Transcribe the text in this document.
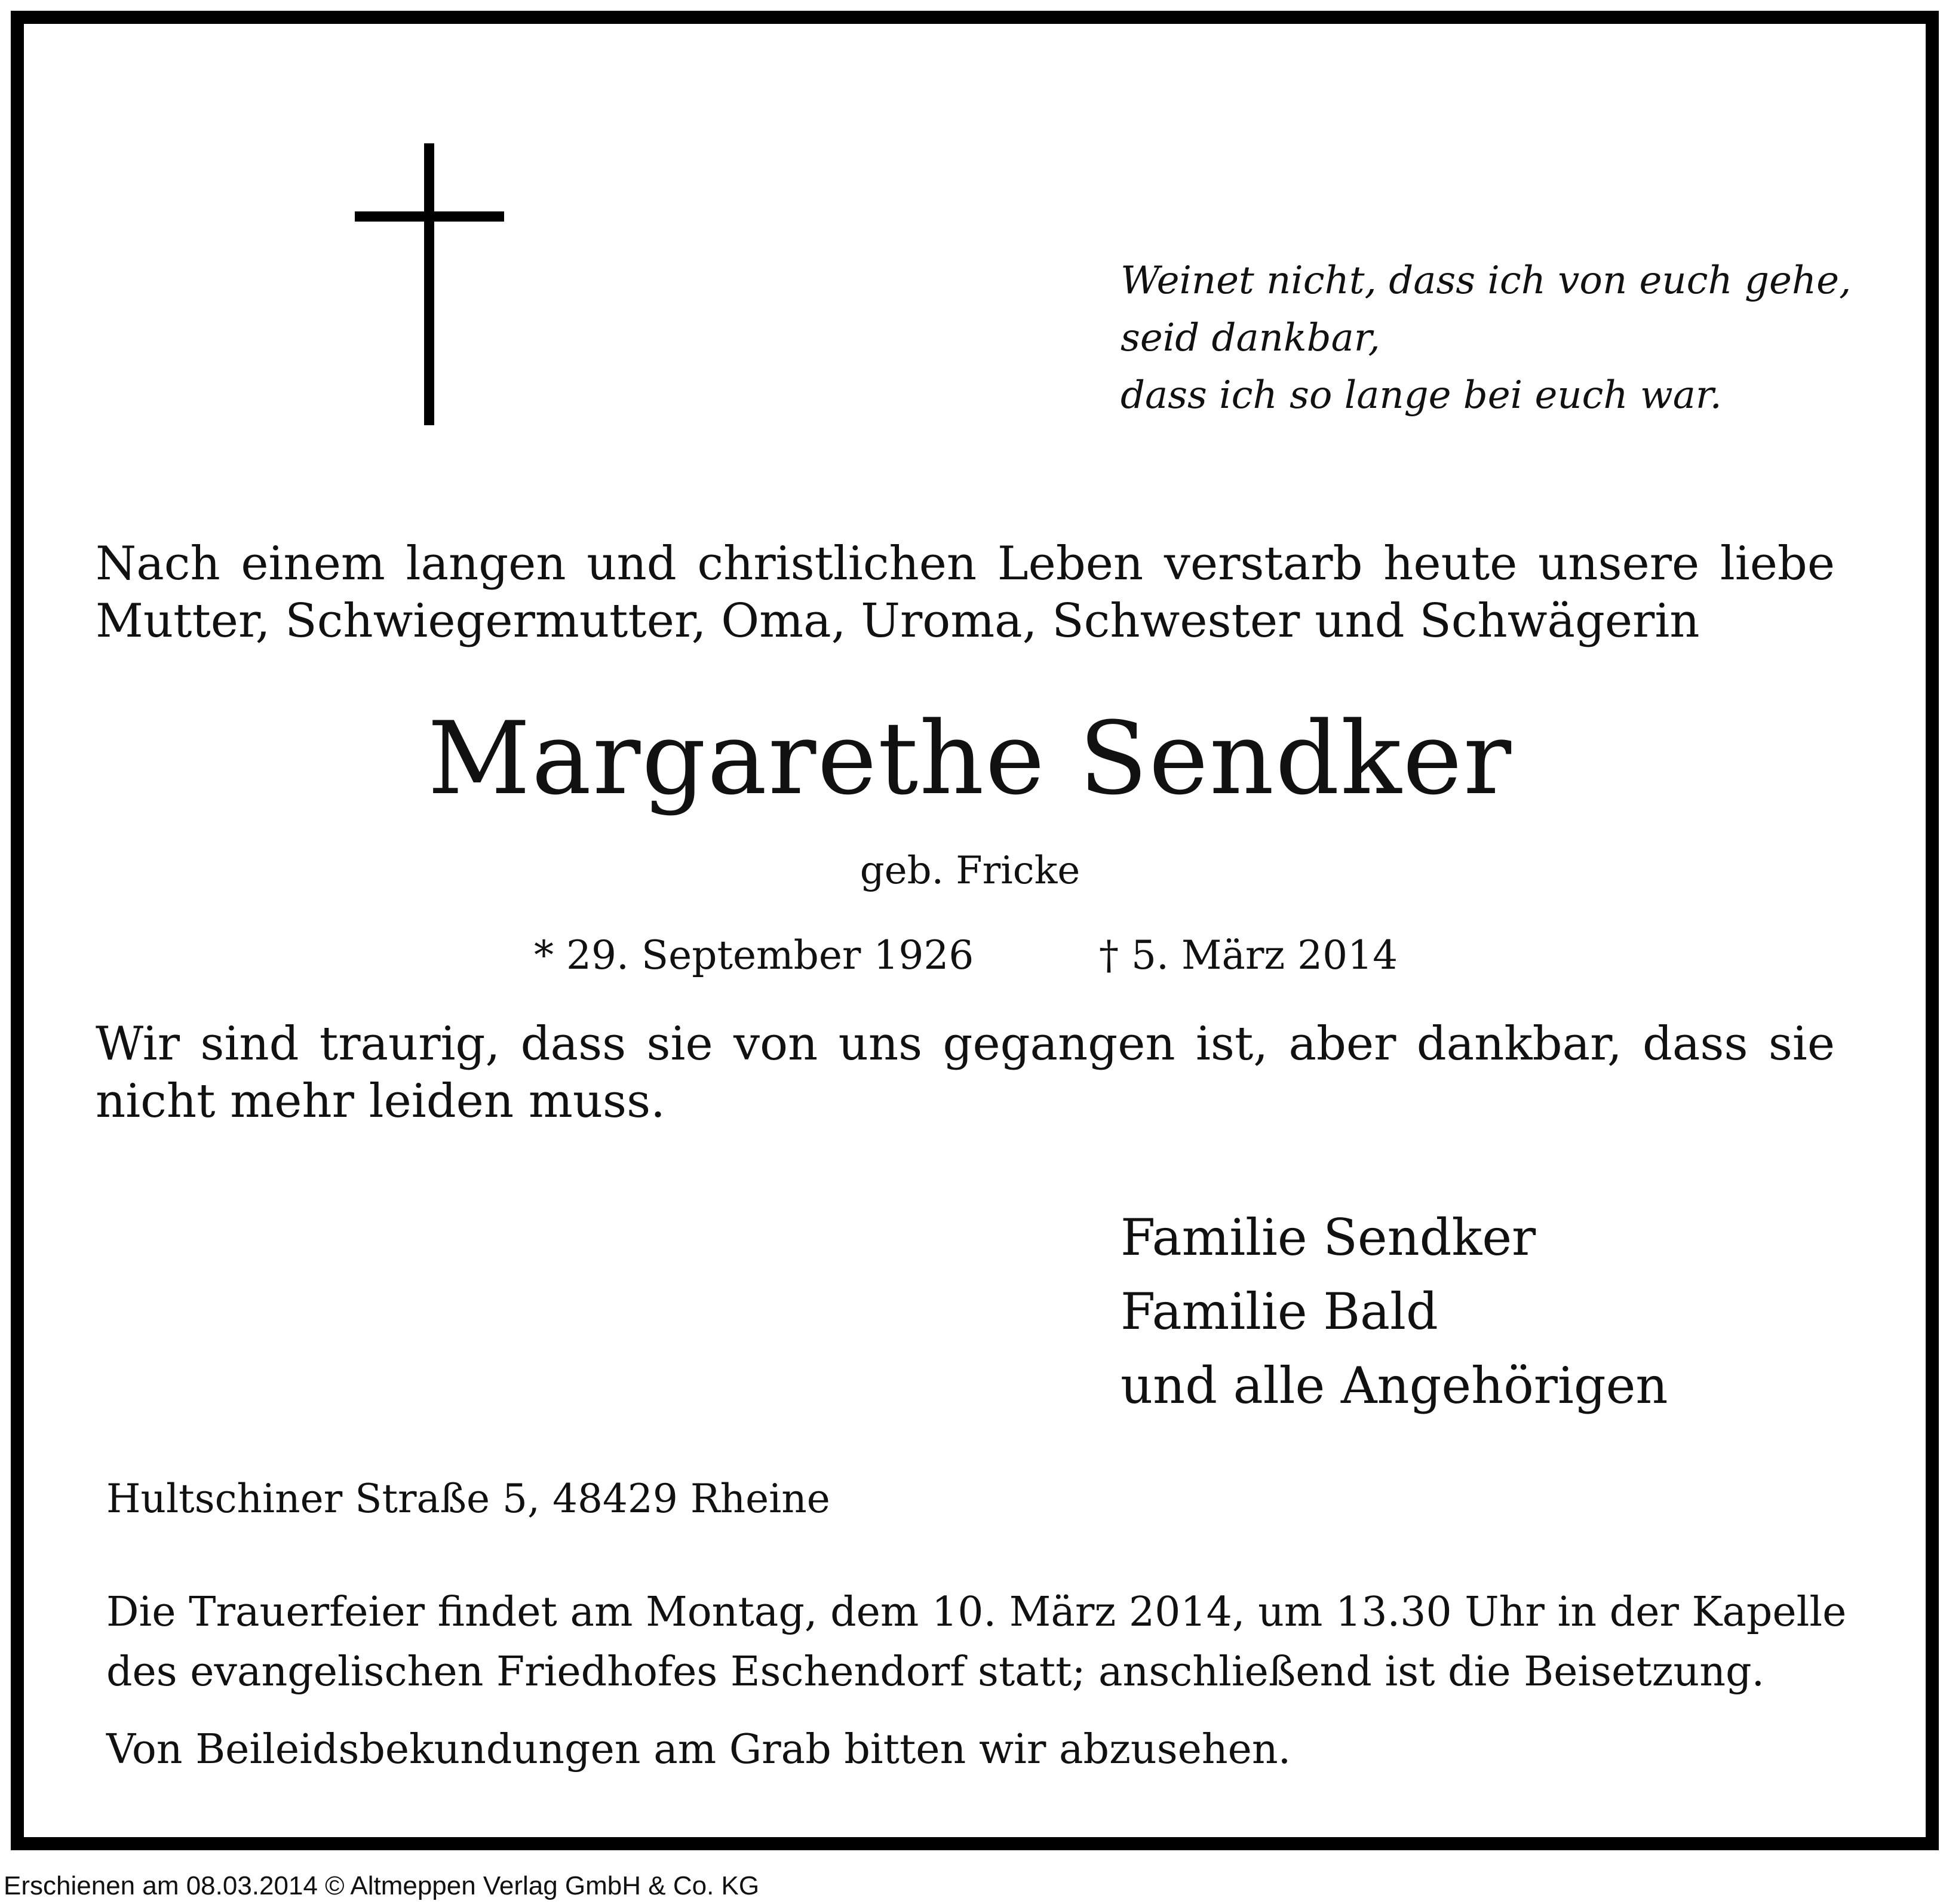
Weinet nicht, dass ich von euch gehe,
seid dankbar,
dass ich so lange bei euch war.
Nach einem langen und christlichen Leben verstarb heute unsere liebe
Mutter, Schwiegermutter, Oma, Uroma, Schwester und Schwägerin
Margarethe Sendker
geb. Fricke
* 29. September 1926	† 5. März 2014
Wir sind traurig, dass sie von uns gegangen ist, aber dankbar, dass sie
nicht mehr leiden muss.
Familie Sendker
Familie Bald
und alle Angehörigen
Hultschiner Straße 5, 48429 Rheine
Die Trauerfeier findet am Montag, dem 10. März 2014, um 13.30 Uhr in der Kapelle
des evangelischen Friedhofes Eschendorf statt; anschließend ist die Beisetzung.
Von Beileidsbekundungen am Grab bitten wir abzusehen.
Erschienen am 08.03.2014 © Altmeppen Verlag GmbH & Co. KG
